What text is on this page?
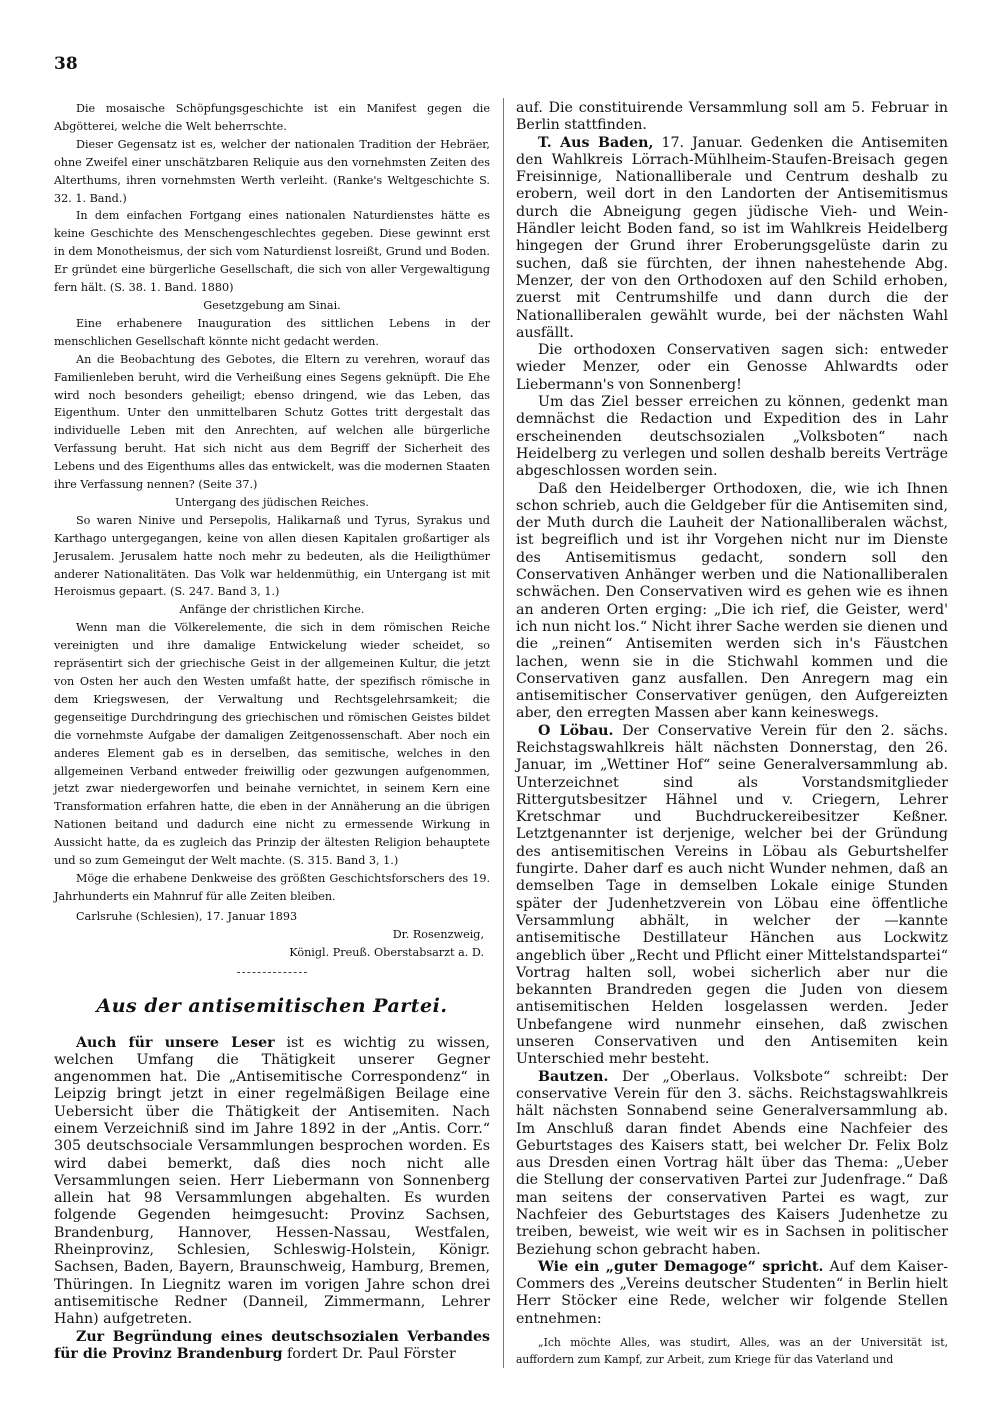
38

Die mosaische Schöpfungsgeschichte ist ein Manifest gegen die Abgötterei, welche die Welt beherrschte.

Dieser Gegensatz ist es, welcher der nationalen Tradition der Hebräer, ohne Zweifel einer unschätzbaren Reliquie aus den vornehmsten Zeiten des Alterthums, ihren vornehmsten Werth verleiht. (Ranke's Weltgeschichte S. 32. 1. Band.)

In dem einfachen Fortgang eines nationalen Naturdienstes hätte es keine Geschichte des Menschengeschlechtes gegeben. Diese gewinnt erst in dem Monotheismus, der sich vom Naturdienst losreißt, Grund und Boden. Er gründet eine bürgerliche Gesellschaft, die sich von aller Vergewaltigung fern hält. (S. 38. 1. Band. 1880)

Gesetzgebung am Sinai.

Eine erhabenere Inauguration des sittlichen Lebens in der menschlichen Gesellschaft könnte nicht gedacht werden.

An die Beobachtung des Gebotes, die Eltern zu verehren, worauf das Familienleben beruht, wird die Verheißung eines Segens geknüpft. Die Ehe wird noch besonders geheiligt; ebenso dringend, wie das Leben, das Eigenthum. Unter den unmittelbaren Schutz Gottes tritt dergestalt das individuelle Leben mit den Anrechten, auf welchen alle bürgerliche Verfassung beruht. Hat sich nicht aus dem Begriff der Sicherheit des Lebens und des Eigenthums alles das entwickelt, was die modernen Staaten ihre Verfassung nennen? (Seite 37.)

Untergang des jüdischen Reiches.

So waren Ninive und Persepolis, Halikarnaß und Tyrus, Syrakus und Karthago untergegangen, keine von allen diesen Kapitalen großartiger als Jerusalem. Jerusalem hatte noch mehr zu bedeuten, als die Heiligthümer anderer Nationalitäten. Das Volk war heldenmüthig, ein Untergang ist mit Heroismus gepaart. (S. 247. Band 3, 1.)

Anfänge der christlichen Kirche.

Wenn man die Völkerelemente, die sich in dem römischen Reiche vereinigten und ihre damalige Entwickelung wieder scheidet, so repräsentirt sich der griechische Geist in der allgemeinen Kultur, die jetzt von Osten her auch den Westen umfaßt hatte, der spezifisch römische in dem Kriegswesen, der Verwaltung und Rechtsgelehrsamkeit; die gegenseitige Durchdringung des griechischen und römischen Geistes bildet die vornehmste Aufgabe der damaligen Zeitgenossenschaft. Aber noch ein anderes Element gab es in derselben, das semitische, welches in den allgemeinen Verband entweder freiwillig oder gezwungen aufgenommen, jetzt zwar niedergeworfen und beinahe vernichtet, in seinem Kern eine Transformation erfahren hatte, die eben in der Annäherung an die übrigen Nationen beitand und dadurch eine nicht zu ermessende Wirkung in Aussicht hatte, da es zugleich das Prinzip der ältesten Religion behauptete und so zum Gemeingut der Welt machte. (S. 315. Band 3, 1.)

Möge die erhabene Denkweise des größten Geschichtsforschers des 19. Jahrhunderts ein Mahnruf für alle Zeiten bleiben.

Carlsruhe (Schlesien), 17. Januar 1893
Dr. Rosenzweig,
Königl. Preuß. Oberstabsarzt a. D.
Aus der antisemitischen Partei.

Auch für unsere Leser ist es wichtig zu wissen, welchen Umfang die Thätigkeit unserer Gegner angenommen hat. Die „Antisemitische Correspondenz“ in Leipzig bringt jetzt in einer regelmäßigen Beilage eine Uebersicht über die Thätigkeit der Antisemiten. Nach einem Verzeichniß sind im Jahre 1892 in der „Antis. Corr.“ 305 deutschsociale Versammlungen besprochen worden. Es wird dabei bemerkt, daß dies noch nicht alle Versammlungen seien. Herr Liebermann von Sonnenberg allein hat 98 Versammlungen abgehalten. Es wurden folgende Gegenden heimgesucht: Provinz Sachsen, Brandenburg, Hannover, Hessen-Nassau, Westfalen, Rheinprovinz, Schlesien, Schleswig-Holstein, Königr. Sachsen, Baden, Bayern, Braunschweig, Hamburg, Bremen, Thüringen. In Liegnitz waren im vorigen Jahre schon drei antisemitische Redner (Danneil, Zimmermann, Lehrer Hahn) aufgetreten.

Zur Begründung eines deutschsozialen Verbandes für die Provinz Brandenburg fordert Dr. Paul Förster

auf. Die constituirende Versammlung soll am 5. Februar in Berlin stattfinden.

T. Aus Baden, 17. Januar. Gedenken die Antisemiten den Wahlkreis Lörrach-Mühlheim-Staufen-Breisach gegen Freisinnige, Nationalliberale und Centrum deshalb zu erobern, weil dort in den Landorten der Antisemitismus durch die Abneigung gegen jüdische Vieh- und Wein-Händler leicht Boden fand, so ist im Wahlkreis Heidelberg hingegen der Grund ihrer Eroberungsgelüste darin zu suchen, daß sie fürchten, der ihnen nahestehende Abg. Menzer, der von den Orthodoxen auf den Schild erhoben, zuerst mit Centrumshilfe und dann durch die der Nationalliberalen gewählt wurde, bei der nächsten Wahl ausfällt.

Die orthodoxen Conservativen sagen sich: entweder wieder Menzer, oder ein Genosse Ahlwardts oder Liebermann's von Sonnenberg!

Um das Ziel besser erreichen zu können, gedenkt man demnächst die Redaction und Expedition des in Lahr erscheinenden deutschsozialen „Volksboten“ nach Heidelberg zu verlegen und sollen deshalb bereits Verträge abgeschlossen worden sein.

Daß den Heidelberger Orthodoxen, die, wie ich Ihnen schon schrieb, auch die Geldgeber für die Antisemiten sind, der Muth durch die Lauheit der Nationalliberalen wächst, ist begreiflich und ist ihr Vorgehen nicht nur im Dienste des Antisemitismus gedacht, sondern soll den Conservativen Anhänger werben und die Nationalliberalen schwächen. Den Conservativen wird es gehen wie es ihnen an anderen Orten erging: „Die ich rief, die Geister, werd' ich nun nicht los.“ Nicht ihrer Sache werden sie dienen und die „reinen“ Antisemiten werden sich in's Fäustchen lachen, wenn sie in die Stichwahl kommen und die Conservativen ganz ausfallen. Den Anregern mag ein antisemitischer Conservativer genügen, den Aufgereizten aber, den erregten Massen aber kann keineswegs.

O Löbau. Der Conservative Verein für den 2. sächs. Reichstagswahlkreis hält nächsten Donnerstag, den 26. Januar, im „Wettiner Hof“ seine Generalversammlung ab. Unterzeichnet sind als Vorstandsmitglieder Rittergutsbesitzer Hähnel und v. Criegern, Lehrer Kretschmar und Buchdruckereibesitzer Keßner. Letztgenannter ist derjenige, welcher bei der Gründung des antisemitischen Vereins in Löbau als Geburtshelfer fungirte. Daher darf es auch nicht Wunder nehmen, daß an demselben Tage in demselben Lokale einige Stunden später der Judenhetzverein von Löbau eine öffentliche Versammlung abhält, in welcher der —kannte antisemitische Destillateur Hänchen aus Lockwitz angeblich über „Recht und Pflicht einer Mittelstandspartei“ Vortrag halten soll, wobei sicherlich aber nur die bekannten Brandreden gegen die Juden von diesem antisemitischen Helden losgelassen werden. Jeder Unbefangene wird nunmehr einsehen, daß zwischen unseren Conservativen und den Antisemiten kein Unterschied mehr besteht.

Bautzen. Der „Oberlaus. Volksbote“ schreibt: Der conservative Verein für den 3. sächs. Reichstagswahlkreis hält nächsten Sonnabend seine Generalversammlung ab. Im Anschluß daran findet Abends eine Nachfeier des Geburtstages des Kaisers statt, bei welcher Dr. Felix Bolz aus Dresden einen Vortrag hält über das Thema: „Ueber die Stellung der conservativen Partei zur Judenfrage.“ Daß man seitens der conservativen Partei es wagt, zur Nachfeier des Geburtstages des Kaisers Judenhetze zu treiben, beweist, wie weit wir es in Sachsen in politischer Beziehung schon gebracht haben.

Wie ein „guter Demagoge“ spricht. Auf dem Kaiser-Commers des „Vereins deutscher Studenten“ in Berlin hielt Herr Stöcker eine Rede, welcher wir folgende Stellen entnehmen:

„Ich möchte Alles, was studirt, Alles, was an der Universität ist, auffordern zum Kampf, zur Arbeit, zum Kriege für das Vaterland und
